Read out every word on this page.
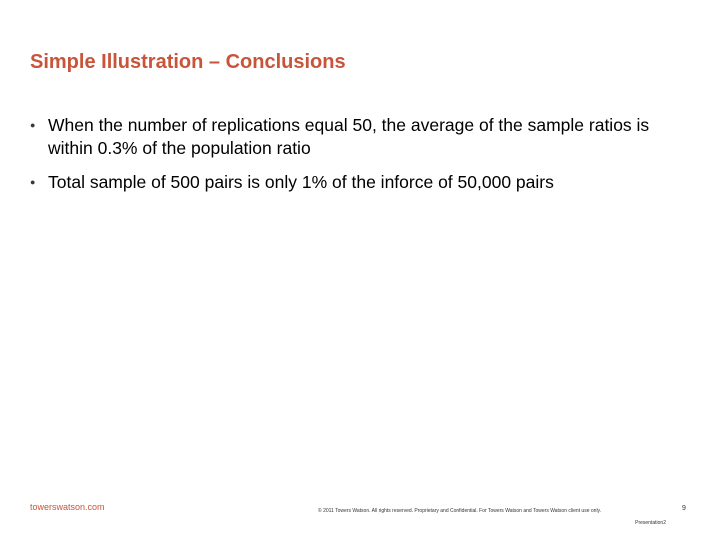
Simple Illustration – Conclusions
● When the number of replications equal 50, the average of the sample ratios is within 0.3% of the population ratio
● Total sample of 500 pairs is only 1% of the inforce of 50,000 pairs
towerswatson.com	© 2011 Towers Watson. All rights reserved. Proprietary and Confidential. For Towers Watson and Towers Watson client use only.
Presentation2
9
